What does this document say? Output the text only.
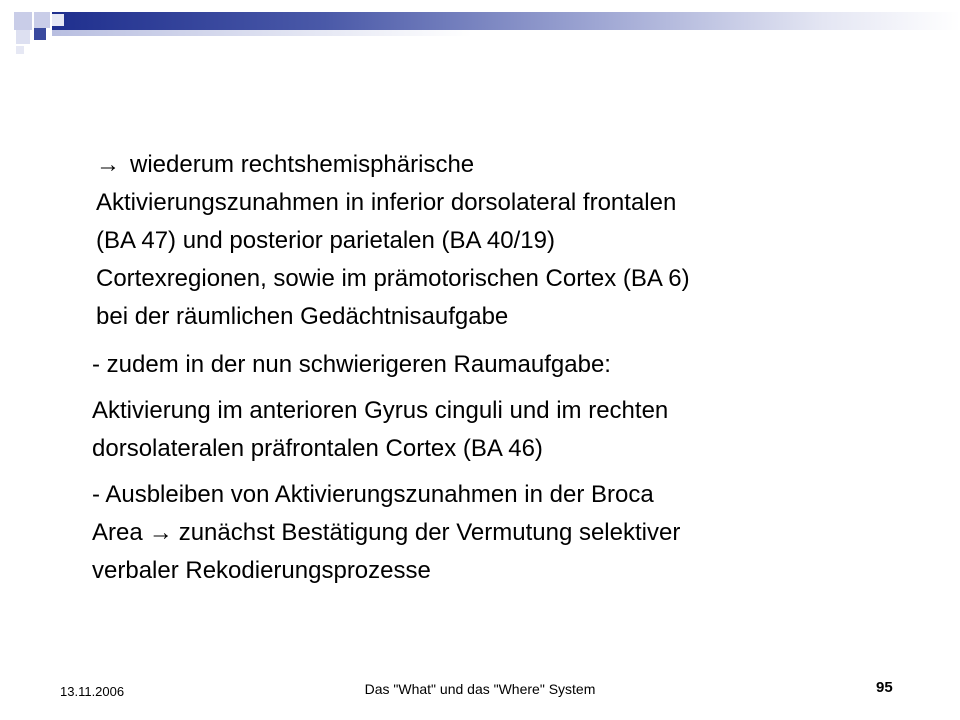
→ wiederum rechtshemisphärische
Aktivierungszunahmen in inferior dorsolateral frontalen
(BA 47) und posterior parietalen (BA 40/19)
Cortexregionen, sowie im prämotorischen Cortex (BA 6)
bei der räumlichen Gedächtnisaufgabe

- zudem in der nun schwierigeren Raumaufgabe:

Aktivierung im anterioren Gyrus cinguli und im rechten
dorsolateralen präfrontalen Cortex (BA 46)

- Ausbleiben von Aktivierungszunahmen in der Broca
Area → zunächst Bestätigung der Vermutung selektiver
verbaler Rekodierungsprozesse

13.11.2006	Das "What" und das "Where" System	95
